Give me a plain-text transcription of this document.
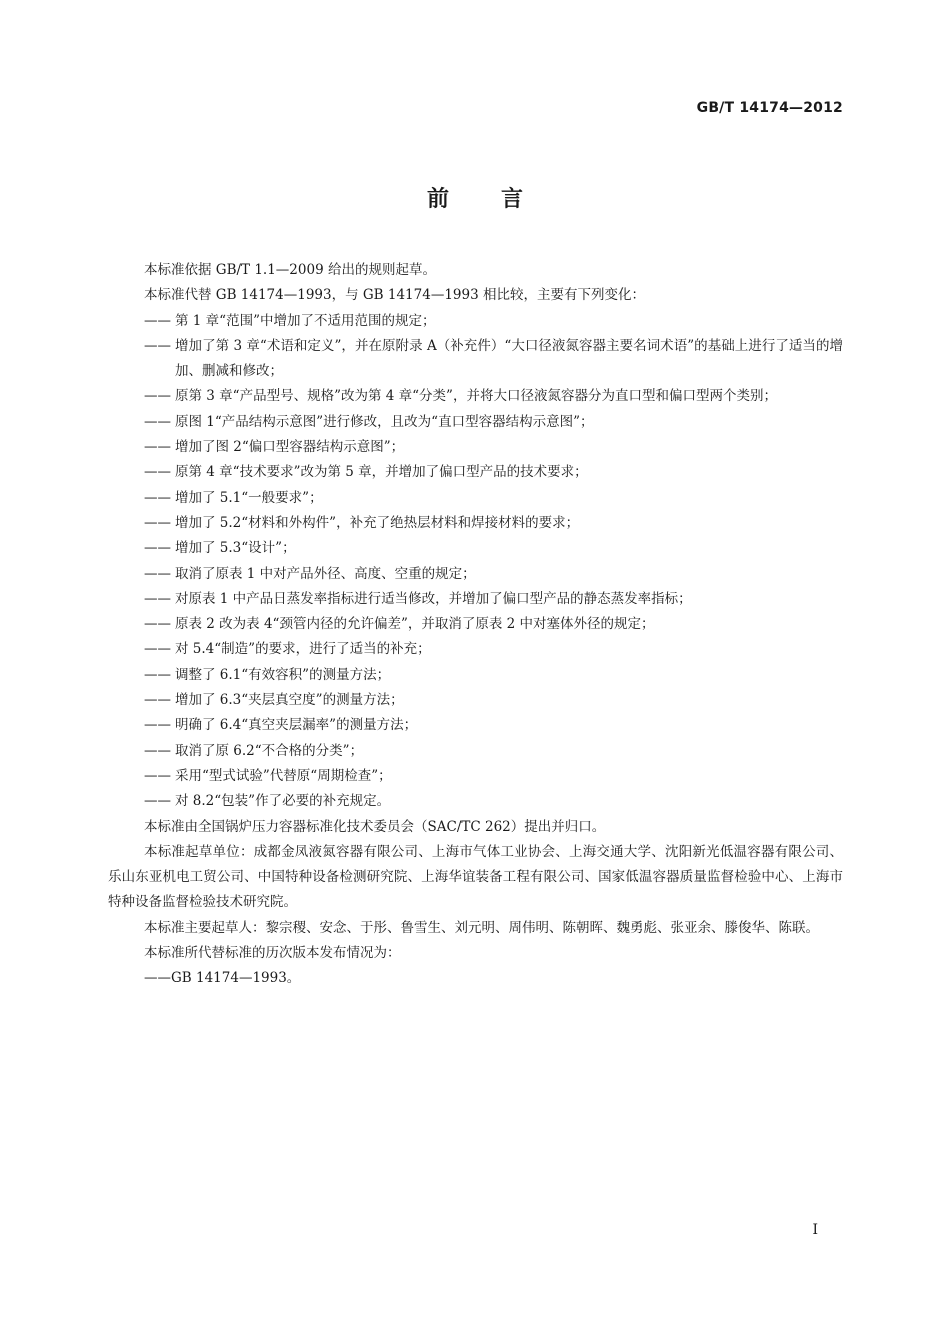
GB/T 14174—2012
前言

本标准依据 GB/T 1.1—2009 给出的规则起草。

本标准代替 GB 14174—1993，与 GB 14174—1993 相比较，主要有下列变化：

—— 第 1 章“范围”中增加了不适用范围的规定；

—— 增加了第 3 章“术语和定义”，并在原附录 A（补充件）“大口径液氮容器主要名词术语”的基础上进行了适当的增加、删减和修改；

—— 原第 3 章“产品型号、规格”改为第 4 章“分类”，并将大口径液氮容器分为直口型和偏口型两个类别；

—— 原图 1“产品结构示意图”进行修改，且改为“直口型容器结构示意图”；

—— 增加了图 2“偏口型容器结构示意图”；

—— 原第 4 章“技术要求”改为第 5 章，并增加了偏口型产品的技术要求；

—— 增加了 5.1“一般要求”；

—— 增加了 5.2“材料和外构件”，补充了绝热层材料和焊接材料的要求；

—— 增加了 5.3“设计”；

—— 取消了原表 1 中对产品外径、高度、空重的规定；

—— 对原表 1 中产品日蒸发率指标进行适当修改，并增加了偏口型产品的静态蒸发率指标；

—— 原表 2 改为表 4“颈管内径的允许偏差”，并取消了原表 2 中对塞体外径的规定；

—— 对 5.4“制造”的要求，进行了适当的补充；

—— 调整了 6.1“有效容积”的测量方法；

—— 增加了 6.3“夹层真空度”的测量方法；

—— 明确了 6.4“真空夹层漏率”的测量方法；

—— 取消了原 6.2“不合格的分类”；

—— 采用“型式试验”代替原“周期检查”；

—— 对 8.2“包装”作了必要的补充规定。

本标准由全国锅炉压力容器标准化技术委员会（SAC/TC 262）提出并归口。

本标准起草单位：成都金凤液氮容器有限公司、上海市气体工业协会、上海交通大学、沈阳新光低温容器有限公司、乐山东亚机电工贸公司、中国特种设备检测研究院、上海华谊装备工程有限公司、国家低温容器质量监督检验中心、上海市特种设备监督检验技术研究院。

本标准主要起草人：黎宗稷、安念、于彤、鲁雪生、刘元明、周伟明、陈朝晖、魏勇彪、张亚余、滕俊华、陈联。

本标准所代替标准的历次版本发布情况为：

——GB 14174—1993。

I
